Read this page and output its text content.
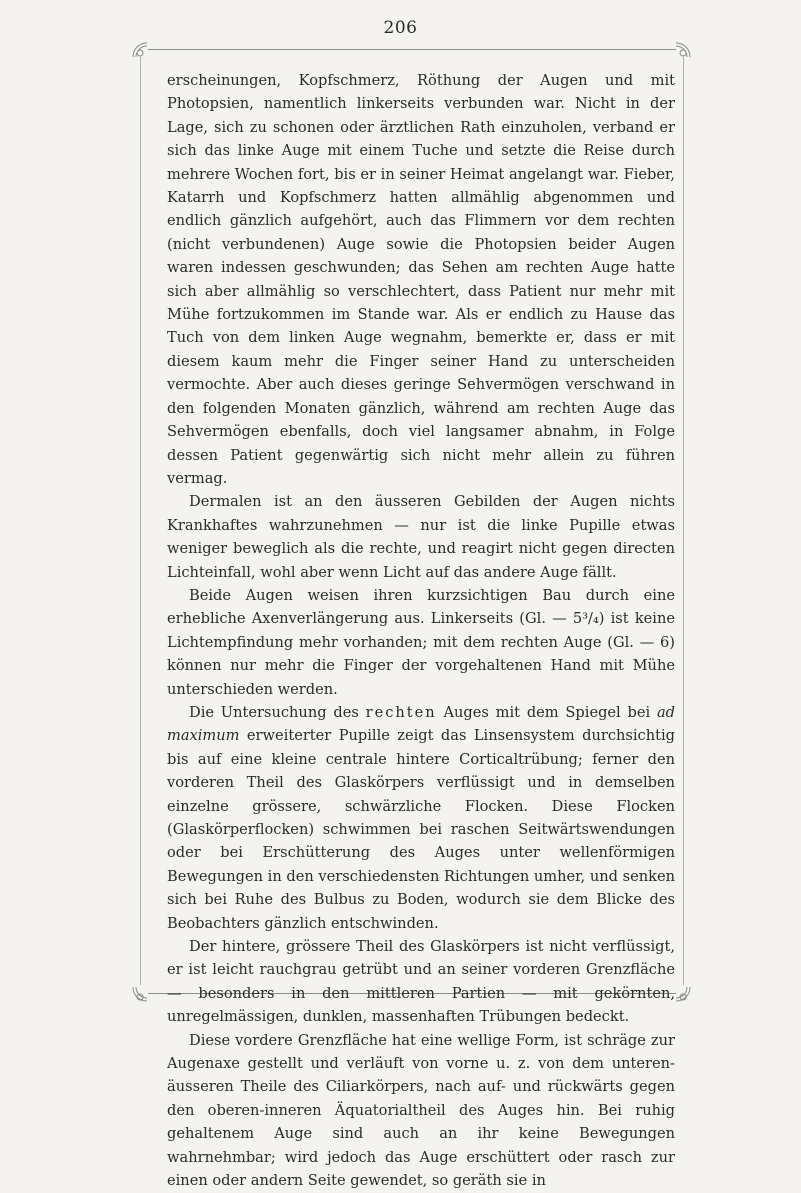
206

erscheinungen, Kopfschmerz, Röthung der Augen und mit Photopsien, namentlich linkerseits verbunden war. Nicht in der Lage, sich zu schonen oder ärztlichen Rath einzuholen, verband er sich das linke Auge mit einem Tuche und setzte die Reise durch mehrere Wochen fort, bis er in seiner Heimat angelangt war. Fieber, Katarrh und Kopfschmerz hatten allmählig abgenommen und endlich gänzlich aufgehört, auch das Flimmern vor dem rechten (nicht verbundenen) Auge sowie die Photopsien beider Augen waren indessen geschwunden; das Sehen am rechten Auge hatte sich aber allmählig so verschlechtert, dass Patient nur mehr mit Mühe fortzukommen im Stande war. Als er endlich zu Hause das Tuch von dem linken Auge wegnahm, bemerkte er, dass er mit diesem kaum mehr die Finger seiner Hand zu unterscheiden vermochte. Aber auch dieses geringe Sehvermögen verschwand in den folgenden Monaten gänzlich, während am rechten Auge das Sehvermögen ebenfalls, doch viel langsamer abnahm, in Folge dessen Patient gegenwärtig sich nicht mehr allein zu führen vermag.

Dermalen ist an den äusseren Gebilden der Augen nichts Krankhaftes wahrzunehmen — nur ist die linke Pupille etwas weniger beweglich als die rechte, und reagirt nicht gegen directen Lichteinfall, wohl aber wenn Licht auf das andere Auge fällt.

Beide Augen weisen ihren kurzsichtigen Bau durch eine erhebliche Axenverlängerung aus. Linkerseits (Gl. — 5³/₄) ist keine Lichtempfindung mehr vorhanden; mit dem rechten Auge (Gl. — 6) können nur mehr die Finger der vorgehaltenen Hand mit Mühe unterschieden werden.

Die Untersuchung des rechten Auges mit dem Spiegel bei ad maximum erweiterter Pupille zeigt das Linsensystem durchsichtig bis auf eine kleine centrale hintere Corticaltrübung; ferner den vorderen Theil des Glaskörpers verflüssigt und in demselben einzelne grössere, schwärzliche Flocken. Diese Flocken (Glaskörperflocken) schwimmen bei raschen Seitwärtswendungen oder bei Erschütterung des Auges unter wellenförmigen Bewegungen in den verschiedensten Richtungen umher, und senken sich bei Ruhe des Bulbus zu Boden, wodurch sie dem Blicke des Beobachters gänzlich entschwinden.

Der hintere, grössere Theil des Glaskörpers ist nicht verflüssigt, er ist leicht rauchgrau getrübt und an seiner vorderen Grenzfläche — besonders in den mittleren Partien — mit gekörnten, unregelmässigen, dunklen, massenhaften Trübungen bedeckt.

Diese vordere Grenzfläche hat eine wellige Form, ist schräge zur Augenaxe gestellt und verläuft von vorne u. z. von dem unteren-äusseren Theile des Ciliarkörpers, nach auf- und rückwärts gegen den oberen-inneren Äquatorialtheil des Auges hin. Bei ruhig gehaltenem Auge sind auch an ihr keine Bewegungen wahrnehmbar; wird jedoch das Auge erschüttert oder rasch zur einen oder andern Seite gewendet, so geräth sie in
